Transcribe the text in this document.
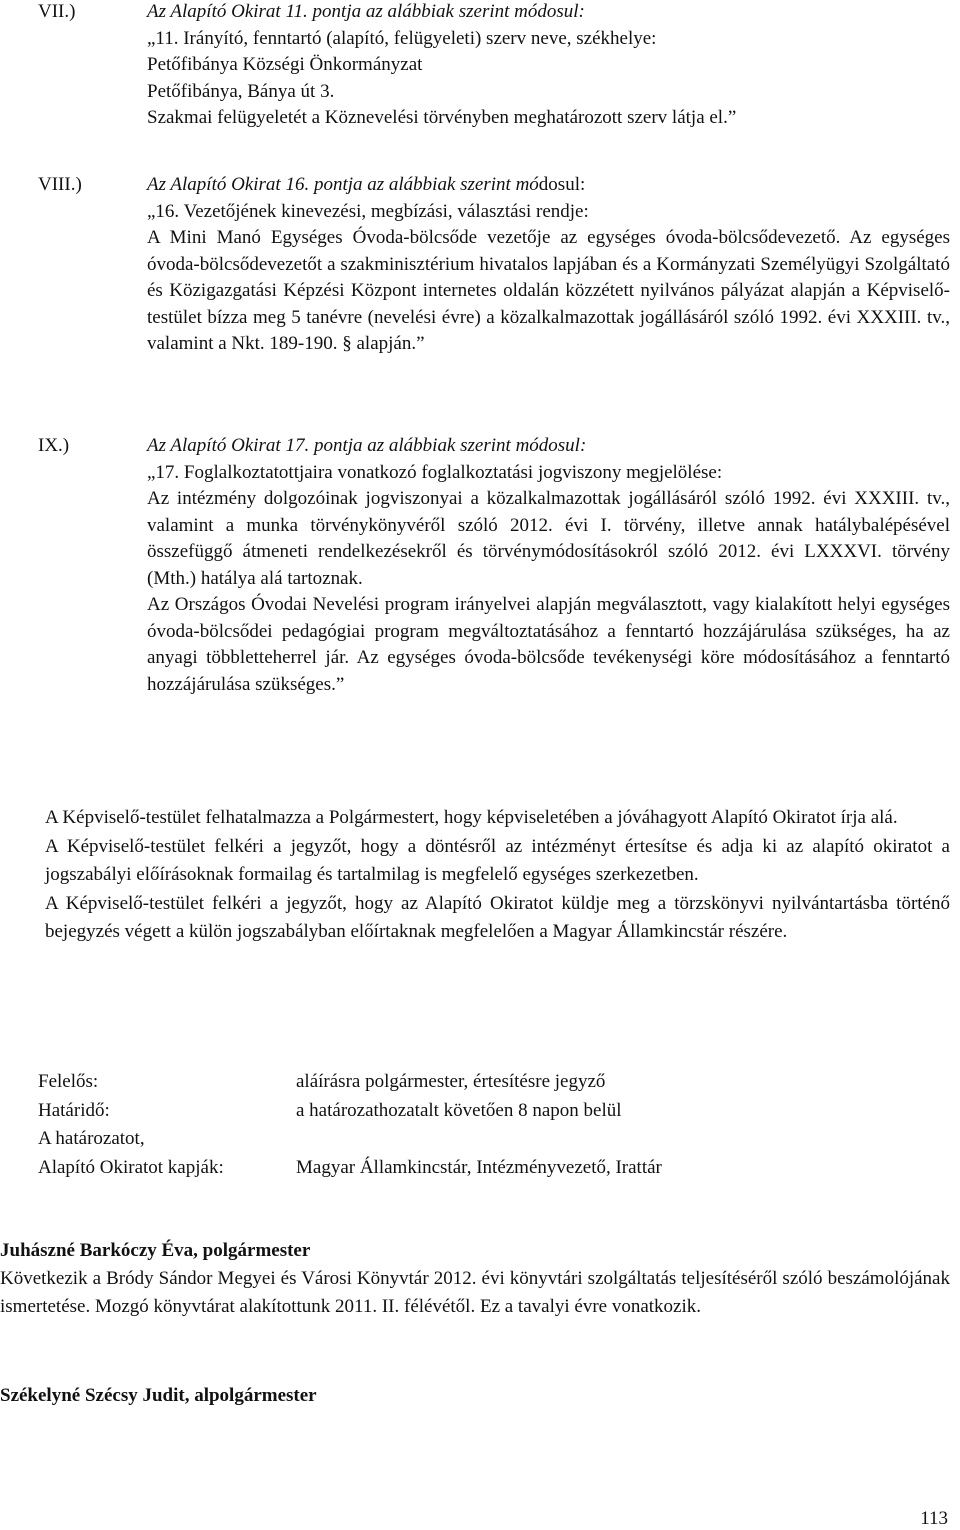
VII.)	Az Alapító Okirat 11. pontja az alábbiak szerint módosul:

„11. Irányító, fenntartó (alapító, felügyeleti) szerv neve, székhelye:

Petőfibánya Községi Önkormányzat

Petőfibánya, Bánya út 3.

Szakmai felügyeletét a Köznevelési törvényben meghatározott szerv látja el.”

VIII.)	Az Alapító Okirat 16. pontja az alábbiak szerint módosul:

„16. Vezetőjének kinevezési, megbízási, választási rendje:

A Mini Manó Egységes Óvoda-bölcsőde vezetője az egységes óvoda-bölcsődevezető. Az egységes óvoda-bölcsődevezetőt a szakminisztérium hivatalos lapjában és a Kormányzati Személyügyi Szolgáltató és Közigazgatási Képzési Központ internetes oldalán közzétett nyilvános pályázat alapján a Képviselő-testület bízza meg 5 tanévre (nevelési évre) a közalkalmazottak jogállásáról szóló 1992. évi XXXIII. tv., valamint a Nkt. 189-190. § alapján.”

IX.)	Az Alapító Okirat 17. pontja az alábbiak szerint módosul:

„17. Foglalkoztatottjaira vonatkozó foglalkoztatási jogviszony megjelölése:

Az intézmény dolgozóinak jogviszonyai a közalkalmazottak jogállásáról szóló 1992. évi XXXIII. tv., valamint a munka törvénykönyvéről szóló 2012. évi I. törvény, illetve annak hatálybalépésével összefüggő átmeneti rendelkezésekről és törvénymódosításokról szóló 2012. évi LXXXVI. törvény (Mth.) hatálya alá tartoznak.

Az Országos Óvodai Nevelési program irányelvei alapján megválasztott, vagy kialakított helyi egységes óvoda-bölcsődei pedagógiai program megváltoztatásához a fenntartó hozzájárulása szükséges, ha az anyagi többletteherrel jár. Az egységes óvoda-bölcsőde tevékenységi köre módosításához a fenntartó hozzájárulása szükséges.”

A Képviselő-testület felhatalmazza a Polgármestert, hogy képviseletében a jóváhagyott Alapító Okiratot írja alá.

A Képviselő-testület felkéri a jegyzőt, hogy a döntésről az intézményt értesítse és adja ki az alapító okiratot a jogszabályi előírásoknak formailag és tartalmilag is megfelelő egységes szerkezetben.

A Képviselő-testület felkéri a jegyzőt, hogy az Alapító Okiratot küldje meg a törzskönyvi nyilvántartásba történő bejegyzés végett a külön jogszabályban előírtaknak megfelelően a Magyar Államkincstár részére.

Felelős:	aláírásra polgármester, értesítésre jegyző
Határidő:	a határozathozatalt követően 8 napon belül
A határozatot,
Alapító Okiratot kapják:	Magyar Államkincstár, Intézményvezető, Irattár

Juhászné Barkóczy Éva, polgármester

Következik a Bródy Sándor Megyei és Városi Könyvtár 2012. évi könyvtári szolgáltatás teljesítéséről szóló beszámolójának ismertetése. Mozgó könyvtárat alakítottunk 2011. II. félévétől. Ez a tavalyi évre vonatkozik.

Székelyné Szécsy Judit, alpolgármester

113
